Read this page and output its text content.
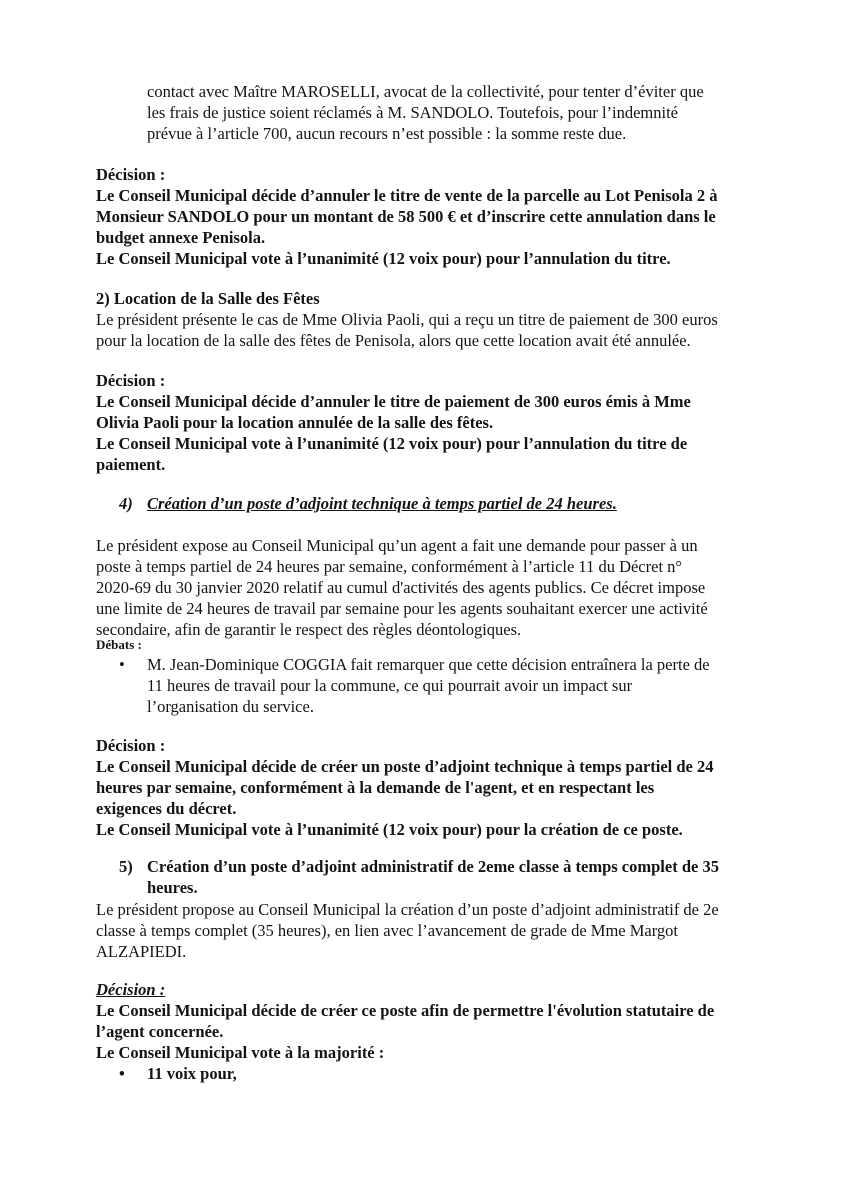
contact avec Maître MAROSELLI, avocat de la collectivité, pour tenter d’éviter que

les frais de justice soient réclamés à M. SANDOLO. Toutefois, pour l’indemnité

prévue à l’article 700, aucun recours n’est possible : la somme reste due.

Décision :

Le Conseil Municipal décide d’annuler le titre de vente de la parcelle au Lot Penisola 2 à

Monsieur SANDOLO pour un montant de 58 500 € et d’inscrire cette annulation dans le

budget annexe Penisola.

Le Conseil Municipal vote à l’unanimité (12 voix pour) pour l’annulation du titre.

2) Location de la Salle des Fêtes

Le président présente le cas de Mme Olivia Paoli, qui a reçu un titre de paiement de 300 euros

pour la location de la salle des fêtes de Penisola, alors que cette location avait été annulée.

Décision :

Le Conseil Municipal décide d’annuler le titre de paiement de 300 euros émis à Mme

Olivia Paoli pour la location annulée de la salle des fêtes.

Le Conseil Municipal vote à l’unanimité (12 voix pour) pour l’annulation du titre de

paiement.

4) Création d’un poste d’adjoint technique à temps partiel de 24 heures.

Le président expose au Conseil Municipal qu’un agent a fait une demande pour passer à un

poste à temps partiel de 24 heures par semaine, conformément à l’article 11 du Décret n°

2020-69 du 30 janvier 2020 relatif au cumul d'activités des agents publics. Ce décret impose

une limite de 24 heures de travail par semaine pour les agents souhaitant exercer une activité

secondaire, afin de garantir le respect des règles déontologiques.

Débats :

•	M. Jean-Dominique COGGIA fait remarquer que cette décision entraînera la perte de

11 heures de travail pour la commune, ce qui pourrait avoir un impact sur

l’organisation du service.

Décision :

Le Conseil Municipal décide de créer un poste d’adjoint technique à temps partiel de 24

heures par semaine, conformément à la demande de l'agent, et en respectant les

exigences du décret.

Le Conseil Municipal vote à l’unanimité (12 voix pour) pour la création de ce poste.

5) Création d’un poste d’adjoint administratif de 2eme classe à temps complet de 35

heures.

Le président propose au Conseil Municipal la création d’un poste d’adjoint administratif de 2e

classe à temps complet (35 heures), en lien avec l’avancement de grade de Mme Margot

ALZAPIEDI.

Décision :

Le Conseil Municipal décide de créer ce poste afin de permettre l'évolution statutaire de

l’agent concernée.

Le Conseil Municipal vote à la majorité :

•	11 voix pour,
